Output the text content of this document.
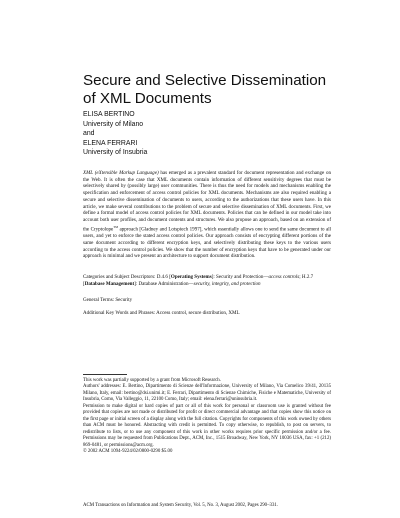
Secure and Selective Dissemination
of XML Documents
ELISA BERTINO
University of Milano
and
ELENA FERRARI
University of Insubria

XML (eXtensible Markup Language) has emerged as a prevalent standard for document representation and exchange on the Web. It is often the case that XML documents contain information of different sensitivity degrees that must be selectively shared by (possibly large) user communities. There is thus the need for models and mechanisms enabling the specification and enforcement of access control policies for XML documents. Mechanisms are also required enabling a secure and selective dissemination of documents to users, according to the authorizations that these users have. In this article, we make several contributions to the problem of secure and selective dissemination of XML documents. First, we define a formal model of access control policies for XML documents. Policies that can be defined in our model take into account both user profiles, and document contents and structures. We also propose an approach, based on an extension of the Cryptolope™ approach [Gladney and Lotspiech 1997], which essentially allows one to send the same document to all users, and yet to enforce the stated access control policies. Our approach consists of encrypting different portions of the same document according to different encryption keys, and selectively distributing these keys to the various users according to the access control policies. We show that the number of encryption keys that have to be generated under our approach is minimal and we present an architecture to support document distribution.

Categories and Subject Descriptors: D.4.6 [Operating Systems]: Security and Protection—access controls; H.2.7 [Database Management]: Database Administration—security, integrity, and protection

General Terms: Security

Additional Key Words and Phrases: Access control, secure distribution, XML

This work was partially supported by a grant from Microsoft Research.

Authors' addresses: E. Bertino, Dipartimento di Scienze dell'Informazione, University of Milano, Via Comelico 39/41, 20135 Milano, Italy, email: bertino@dsi.unimi.it; E. Ferrari, Dipartimento di Scienze Chimiche, Fisiche e Matematiche, University of Insubria, Como, Via Valleggio, 11, 22100 Como, Italy; email: elena.ferrari@uninsubria.it.

Permission to make digital or hard copies of part or all of this work for personal or classroom use is granted without fee provided that copies are not made or distributed for profit or direct commercial advantage and that copies show this notice on the first page or initial screen of a display along with the full citation. Copyrights for components of this work owned by others than ACM must be honored. Abstracting with credit is permitted. To copy otherwise, to republish, to post on servers, to redistribute to lists, or to use any component of this work in other works requires prior specific permission and/or a fee. Permissions may be requested from Publications Dept., ACM, Inc., 1515 Broadway, New York, NY 10036 USA, fax: +1 (212) 869-0481, or permissions@acm.org.

© 2002 ACM 1094-9224/02/0800-0290 $5.00

ACM Transactions on Information and System Security, Vol. 5, No. 3, August 2002, Pages 290–331.
